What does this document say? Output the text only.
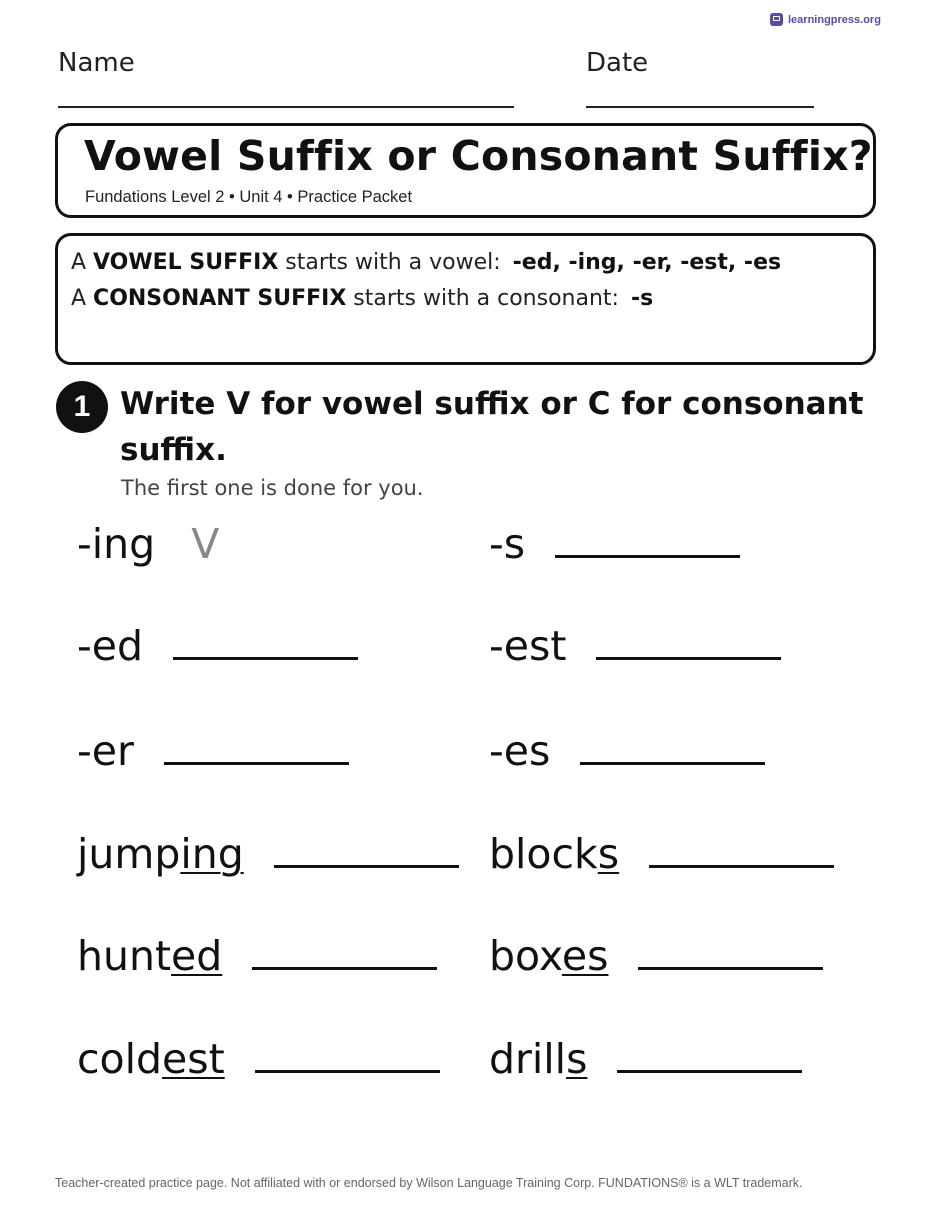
learningpress.org
Name	Date
Vowel Suffix or Consonant Suffix?
Fundations Level 2 • Unit 4 • Practice Packet
A VOWEL SUFFIX starts with a vowel: -ed, -ing, -er, -est, -es
A CONSONANT SUFFIX starts with a consonant: -s
1 Write V for vowel suffix or C for consonant suffix.
The first one is done for you.
-ing V	-s
-ed	-est
-er	-es
jumping	blocks
hunted	boxes
coldest	drills
Teacher-created practice page. Not affiliated with or endorsed by Wilson Language Training Corp. FUNDATIONS® is a WLT trademark.
